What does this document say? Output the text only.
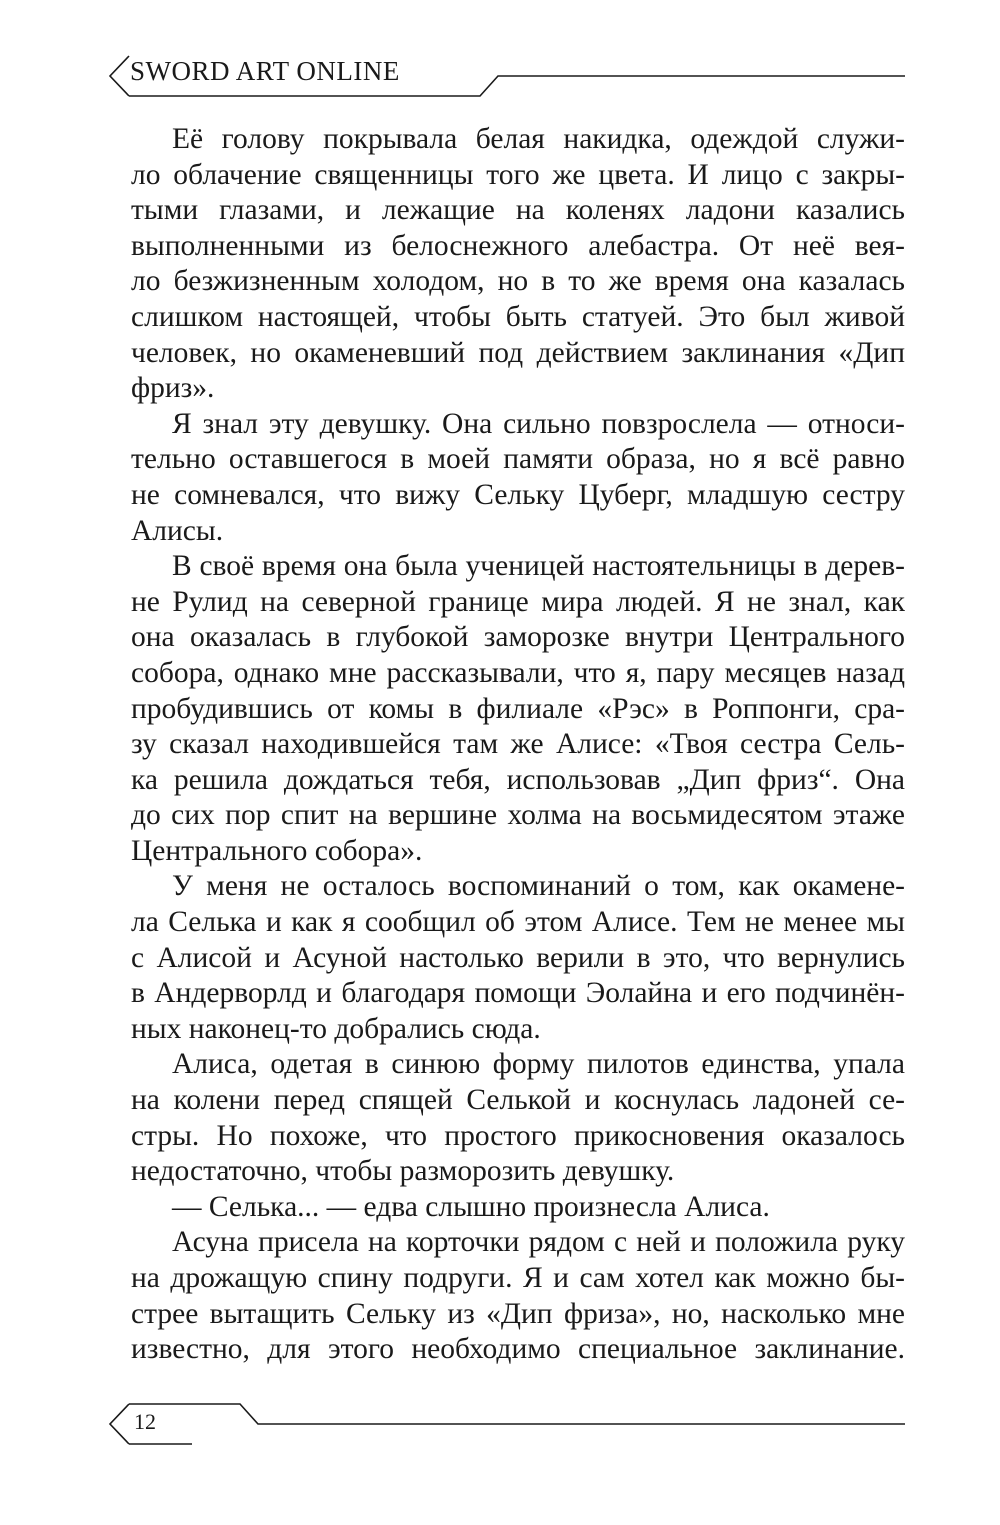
SWORD ART ONLINE
Её голову покрывала белая накидка, одеждой служи-
ло облачение священницы того же цвета. И лицо с закры-
тыми глазами, и лежащие на коленях ладони казались
выполненными из белоснежного алебастра. От неё вея-
ло безжизненным холодом, но в то же время она казалась
слишком настоящей, чтобы быть статуей. Это был живой
человек, но окаменевший под действием заклинания «Дип
фриз».
Я знал эту девушку. Она сильно повзрослела — относи-
тельно оставшегося в моей памяти образа, но я всё равно
не сомневался, что вижу Сельку Цуберг, младшую сестру
Алисы.
В своё время она была ученицей настоятельницы в дерев-
не Рулид на северной границе мира людей. Я не знал, как
она оказалась в глубокой заморозке внутри Центрального
собора, однако мне рассказывали, что я, пару месяцев назад
пробудившись от комы в филиале «Рэс» в Роппонги, сра-
зу сказал находившейся там же Алисе: «Твоя сестра Сель-
ка решила дождаться тебя, использовав „Дип фриз“. Она
до сих пор спит на вершине холма на восьмидесятом этаже
Центрального собора».
У меня не осталось воспоминаний о том, как окамене-
ла Селька и как я сообщил об этом Алисе. Тем не менее мы
с Алисой и Асуной настолько верили в это, что вернулись
в Андерворлд и благодаря помощи Эолайна и его подчинён-
ных наконец-то добрались сюда.
Алиса, одетая в синюю форму пилотов единства, упала
на колени перед спящей Селькой и коснулась ладоней се-
стры. Но похоже, что простого прикосновения оказалось
недостаточно, чтобы разморозить девушку.
— Селька... — едва слышно произнесла Алиса.
Асуна присела на корточки рядом с ней и положила руку
на дрожащую спину подруги. Я и сам хотел как можно бы-
стрее вытащить Сельку из «Дип фриза», но, насколько мне
известно, для этого необходимо специальное заклинание.
12
